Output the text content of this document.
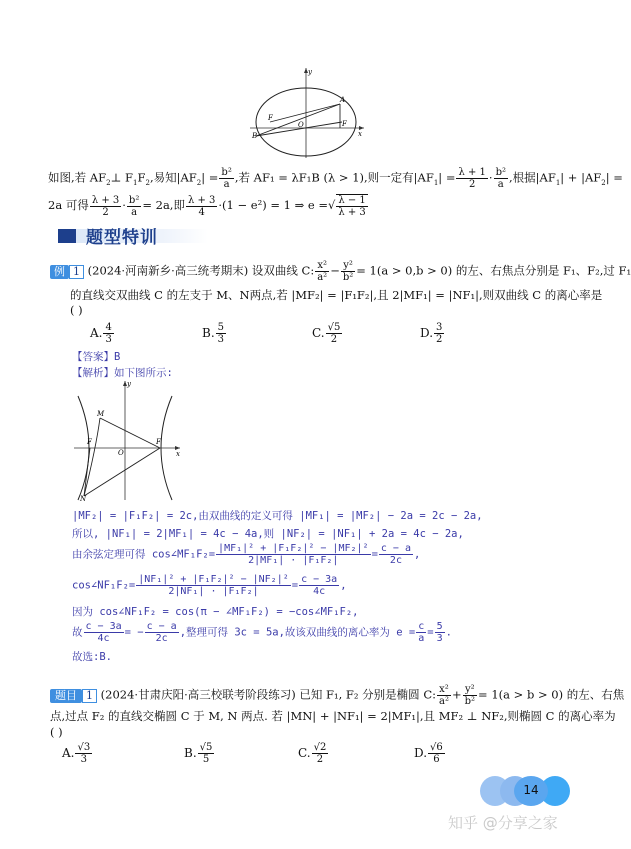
y
A
F
F
O
B	x
如图,若 $AF_2\perp$ $F_1F_2$,易知$|AF_2| = \frac{\text{b²}}{a}$ ,若 AF₁ = λF₁B (λ > 1),则一定有$|AF_1| = \frac{\lambda + 1}{2} \cdot \frac{\text{b²}}{a}$ ,根据$|AF_1| + |AF_2|$ =
2a 可得 $\frac{\lambda + 3}{2} \cdot \frac{\text{b²}}{a} = 2a$,即 $\frac{\lambda + 3}{4} \cdot(1 - e^2) = 1$ ⇒ e =√ $\frac{\lambda - 1}{\lambda + 3}$
题型特训
例 1 (2024·河南新乡·高三统考期末) 设双曲线 C: $\frac{\text{x²}}{\text{a²}} - \frac{\text{y²}}{\text{b²}} = 1(a > 0,b > 0)$ 的左、右焦点分别是 F₁、F₂,过 F₁
的直线交双曲线 C 的左支于 M、N两点,若 |MF₂| = |F₁F₂|,且 2|MF₁| = |NF₁|,则双曲线 C 的离心率是
( )
A. $\frac{4}{3}$	B. $\frac{5}{3}$	C. $\frac{√5}{2}$	D. $\frac{3}{2}$
【答案】B
【解析】如下图所示:
y
M
F
O
F
x
N
|MF₂| = |F₁F₂| = 2c,由双曲线的定义可得 |MF₁| = |MF₂| − 2a = 2c − 2a,
所以, |NF₁| = 2|MF₁| = 4c − 4a,则 |NF₂| = |NF₁| + 2a = 4c − 2a,
由余弦定理可得 cos∠MF₁F₂= $\frac{\text{|MF₁|² + |F₁F₂|² − |MF₂|²}}{\text{2|MF₁| · |F₁F₂|}} = \frac{c - a}{2c}$ ,
cos∠NF₁F₂= $\frac{\text{|NF₁|² + |F₁F₂|² − |NF₂|²}}{\text{2|NF₁| · |F₁F₂|}} = \frac{c - 3a}{4c}$ ,
因为 cos∠NF₁F₂ = cos(π − ∠MF₁F₂) = −cos∠MF₁F₂,
故 $\frac{c - 3a}{4c}$ = − $\frac{c - a}{2c}$ ,整理可得 3c = 5a,故该双曲线的离心率为 $e = \frac{c}{a} = \frac{5}{3}$ .
故选:B.
题目 1 (2024·甘肃庆阳·高三校联考阶段练习) 已知 F₁, F₂ 分别是椭圆 C: $\frac{\text{x²}}{\text{a²}} + \frac{\text{y²}}{\text{b²}} = 1(a > b > 0)$ 的左、右焦
点,过点 F₂ 的直线交椭圆 C 于 M, N 两点. 若 |MN| + |NF₁| = 2|MF₁|,且 MF₂ ⊥ NF₂,则椭圆 C 的离心率为
( )
A. $\frac{√3}{3}$	B. $\frac{√5}{5}$	C. $\frac{√2}{2}$	D. $\frac{√6}{6}$
14
知乎 @分享之家
